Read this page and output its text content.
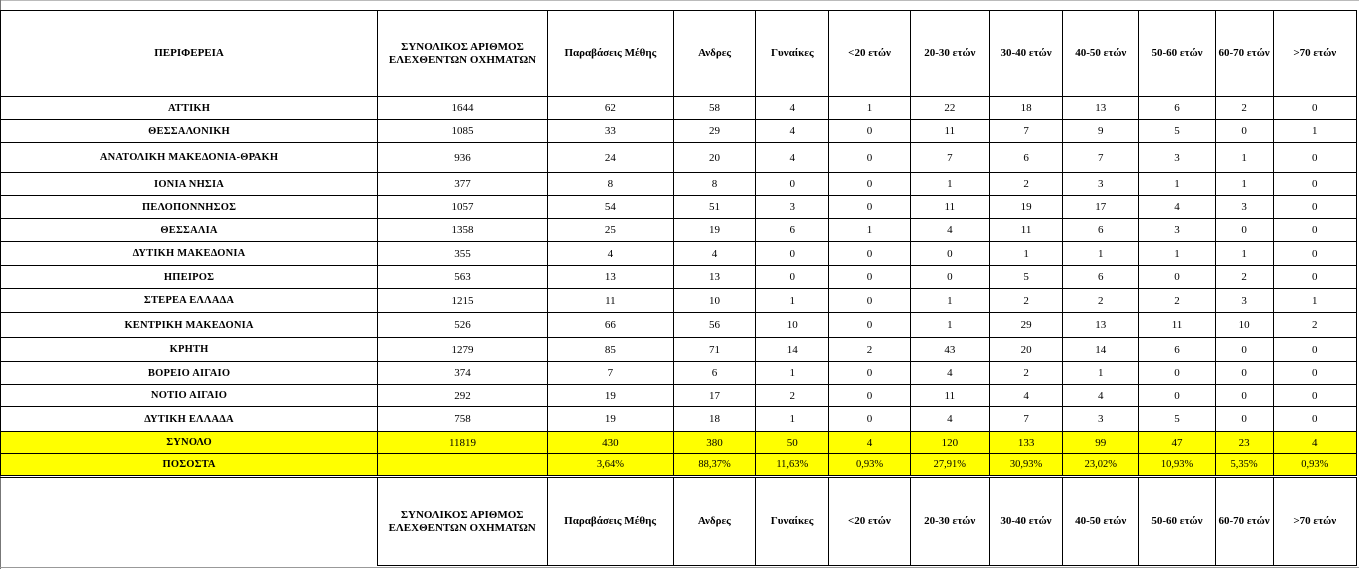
ΠΕΡΙΦΕΡΕΙΑ	ΣΥΝΟΛΙΚΟΣ ΑΡΙΘΜΟΣ ΕΛΕΧΘΕΝΤΩΝ ΟΧΗΜΑΤΩΝ	Παραβάσεις Μέθης	Ανδρες	Γυναίκες	<20 ετών	20-30 ετών	30-40 ετών	40-50 ετών	50-60 ετών	60-70 ετών	>70 ετών
ΑΤΤΙΚΗ	1644	62	58	4	1	22	18	13	6	2	0
ΘΕΣΣΑΛΟΝΙΚΗ	1085	33	29	4	0	11	7	9	5	0	1
ΑΝΑΤΟΛΙΚΗ ΜΑΚΕΔΟΝΙΑ-ΘΡΑΚΗ	936	24	20	4	0	7	6	7	3	1	0
ΙΟΝΙΑ ΝΗΣΙΑ	377	8	8	0	0	1	2	3	1	1	0
ΠΕΛΟΠΟΝΝΗΣΟΣ	1057	54	51	3	0	11	19	17	4	3	0
ΘΕΣΣΑΛΙΑ	1358	25	19	6	1	4	11	6	3	0	0
ΔΥΤΙΚΗ ΜΑΚΕΔΟΝΙΑ	355	4	4	0	0	0	1	1	1	1	0
ΗΠΕΙΡΟΣ	563	13	13	0	0	0	5	6	0	2	0
ΣΤΕΡΕΑ ΕΛΛΑΔΑ	1215	11	10	1	0	1	2	2	2	3	1
ΚΕΝΤΡΙΚΗ ΜΑΚΕΔΟΝΙΑ	526	66	56	10	0	1	29	13	11	10	2
ΚΡΗΤΗ	1279	85	71	14	2	43	20	14	6	0	0
ΒΟΡΕΙΟ ΑΙΓΑΙΟ	374	7	6	1	0	4	2	1	0	0	0
ΝΟΤΙΟ ΑΙΓΑΙΟ	292	19	17	2	0	11	4	4	0	0	0
ΔΥΤΙΚΗ ΕΛΛΑΔΑ	758	19	18	1	0	4	7	3	5	0	0
ΣΥΝΟΛΟ	11819	430	380	50	4	120	133	99	47	23	4
ΠΟΣΟΣΤΑ		3,64%	88,37%	11,63%	0,93%	27,91%	30,93%	23,02%	10,93%	5,35%	0,93%
	ΣΥΝΟΛΙΚΟΣ ΑΡΙΘΜΟΣ ΕΛΕΧΘΕΝΤΩΝ ΟΧΗΜΑΤΩΝ	Παραβάσεις Μέθης	Ανδρες	Γυναίκες	<20 ετών	20-30 ετών	30-40 ετών	40-50 ετών	50-60 ετών	60-70 ετών	>70 ετών
